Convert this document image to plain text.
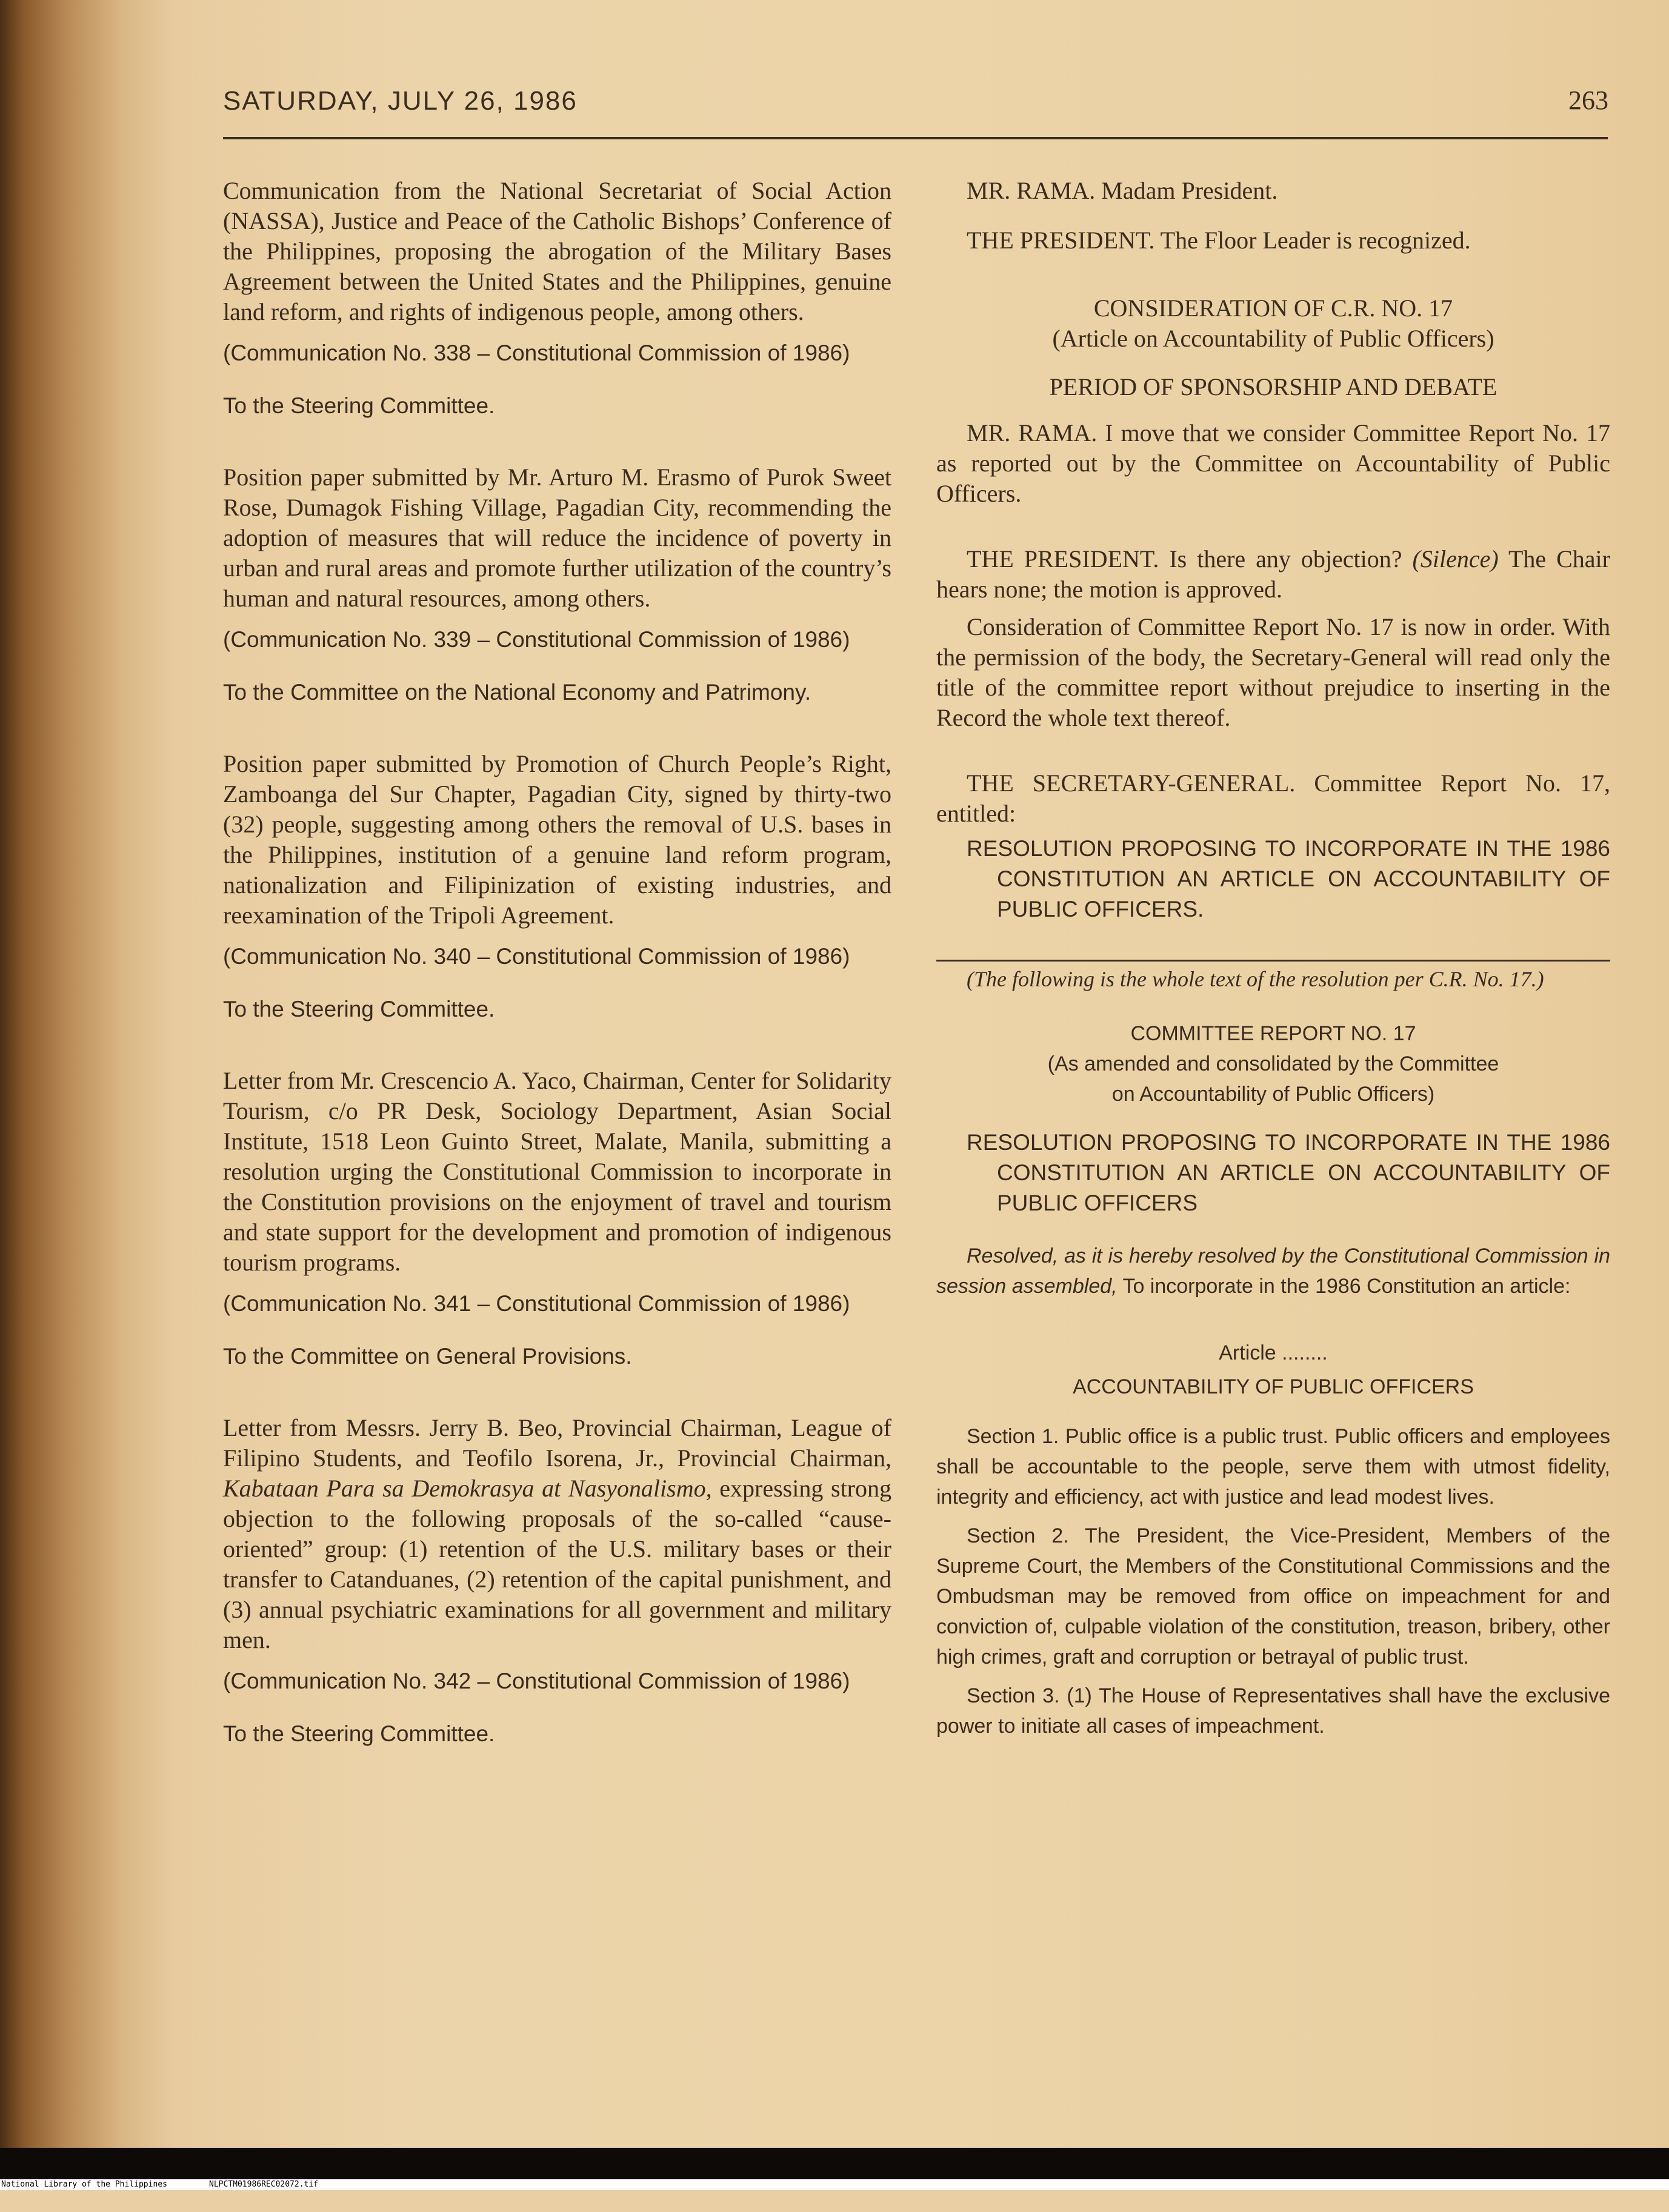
SATURDAY, JULY 26, 1986	263

Communication from the National Secretariat of Social Action (NASSA), Justice and Peace of the Catholic Bishops’ Conference of the Philippines, proposing the abrogation of the Military Bases Agreement between the United States and the Philippines, genuine land reform, and rights of indigenous people, among others.

(Communication No. 338 – Constitutional Commission of 1986)

To the Steering Committee.

Position paper submitted by Mr. Arturo M. Erasmo of Purok Sweet Rose, Dumagok Fishing Village, Pagadian City, recommending the adoption of measures that will reduce the incidence of poverty in urban and rural areas and promote further utilization of the country’s human and natural resources, among others.

(Communication No. 339 – Constitutional Commission of 1986)

To the Committee on the National Economy and Patrimony.

Position paper submitted by Promotion of Church People’s Right, Zamboanga del Sur Chapter, Pagadian City, signed by thirty-two (32) people, suggesting among others the removal of U.S. bases in the Philippines, institution of a genuine land reform program, nationalization and Filipinization of existing industries, and reexamination of the Tripoli Agreement.

(Communication No. 340 – Constitutional Commission of 1986)

To the Steering Committee.

Letter from Mr. Crescencio A. Yaco, Chairman, Center for Solidarity Tourism, c/o PR Desk, Sociology Department, Asian Social Institute, 1518 Leon Guinto Street, Malate, Manila, submitting a resolution urging the Constitutional Commission to incorporate in the Constitution provisions on the enjoyment of travel and tourism and state support for the development and promotion of indigenous tourism programs.

(Communication No. 341 – Constitutional Commission of 1986)

To the Committee on General Provisions.

Letter from Messrs. Jerry B. Beo, Provincial Chairman, League of Filipino Students, and Teofilo Isorena, Jr., Provincial Chairman, Kabataan Para sa Demokrasya at Nasyonalismo, expressing strong objection to the following proposals of the so-called “cause-oriented” group: (1) retention of the U.S. military bases or their transfer to Catanduanes, (2) retention of the capital punishment, and (3) annual psychiatric examinations for all government and military men.

(Communication No. 342 – Constitutional Commission of 1986)

To the Steering Committee.

MR. RAMA. Madam President.

THE PRESIDENT. The Floor Leader is recognized.

CONSIDERATION OF C.R. NO. 17

(Article on Accountability of Public Officers)

PERIOD OF SPONSORSHIP AND DEBATE

MR. RAMA. I move that we consider Committee Report No. 17 as reported out by the Committee on Accountability of Public Officers.

THE PRESIDENT. Is there any objection? (Silence) The Chair hears none; the motion is approved.

Consideration of Committee Report No. 17 is now in order. With the permission of the body, the Secretary-General will read only the title of the committee report without prejudice to inserting in the Record the whole text thereof.

THE SECRETARY-GENERAL. Committee Report No. 17, entitled:

RESOLUTION PROPOSING TO INCORPORATE IN THE 1986 CONSTITUTION AN ARTICLE ON ACCOUNTABILITY OF PUBLIC OFFICERS.

(The following is the whole text of the resolution per C.R. No. 17.)

COMMITTEE REPORT NO. 17

(As amended and consolidated by the Committee

on Accountability of Public Officers)

RESOLUTION PROPOSING TO INCORPORATE IN THE 1986 CONSTITUTION AN ARTICLE ON ACCOUNTABILITY OF PUBLIC OFFICERS

Resolved, as it is hereby resolved by the Constitutional Commission in session assembled, To incorporate in the 1986 Constitution an article:

Article ........

ACCOUNTABILITY OF PUBLIC OFFICERS

Section 1. Public office is a public trust. Public officers and employees shall be accountable to the people, serve them with utmost fidelity, integrity and efficiency, act with justice and lead modest lives.

Section 2. The President, the Vice-President, Members of the Supreme Court, the Members of the Constitutional Commissions and the Ombudsman may be removed from office on impeachment for and conviction of, culpable violation of the constitution, treason, bribery, other high crimes, graft and corruption or betrayal of public trust.

Section 3. (1) The House of Representatives shall have the exclusive power to initiate all cases of impeachment.

National Library of the Philippines

	NLPCTM01986REC02072.tif
